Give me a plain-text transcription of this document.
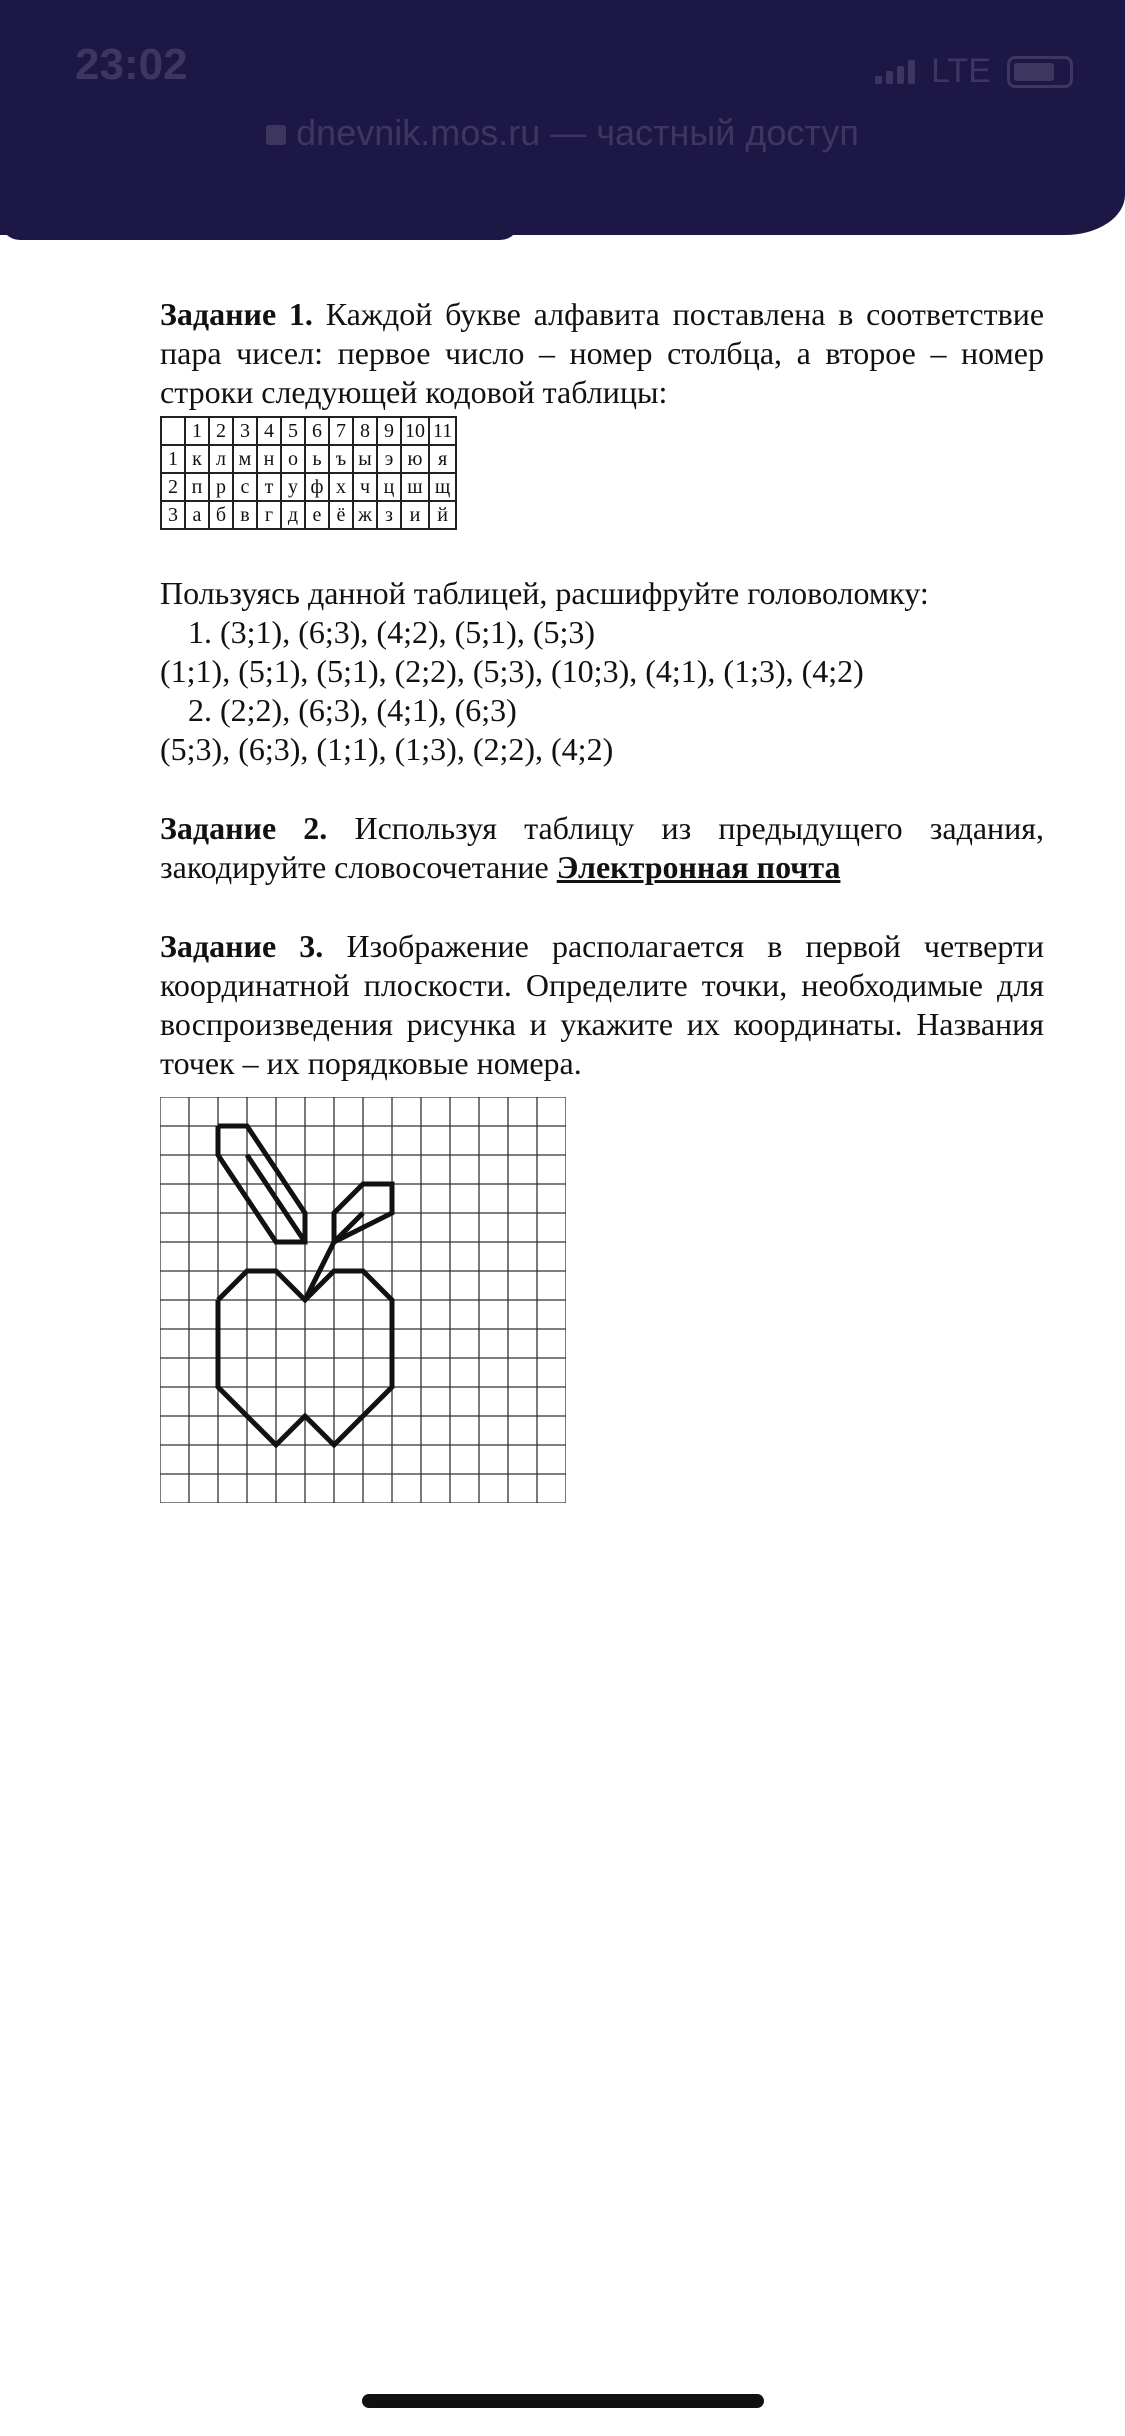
23:02	LTE
dnevnik.mos.ru — частный доступ

Задание 1. Каждой букве алфавита поставлена в соответствие пара чисел: первое число – номер столбца, а второе – номер строки следующей кодовой таблицы:

	1	2	3	4	5	6	7	8	9	10	11
1	к	л	м	н	о	ь	ъ	ы	э	ю	я
2	п	р	с	т	у	ф	х	ч	ц	ш	щ
3	а	б	в	г	д	е	ё	ж	з	и	й

Пользуясь данной таблицей, расшифруйте головоломку:

1. (3;1), (6;3), (4;2), (5;1), (5;3)

(1;1), (5;1), (5;1), (2;2), (5;3), (10;3), (4;1), (1;3), (4;2)

2. (2;2), (6;3), (4;1), (6;3)

(5;3), (6;3), (1;1), (1;3), (2;2), (4;2)

Задание 2. Используя таблицу из предыдущего задания, закодируйте словосочетание Электронная почта

Задание 3. Изображение располагается в первой четверти координатной плоскости. Определите точки, необходимые для воспроизведения рисунка и укажите их координаты. Названия точек – их порядковые номера.
